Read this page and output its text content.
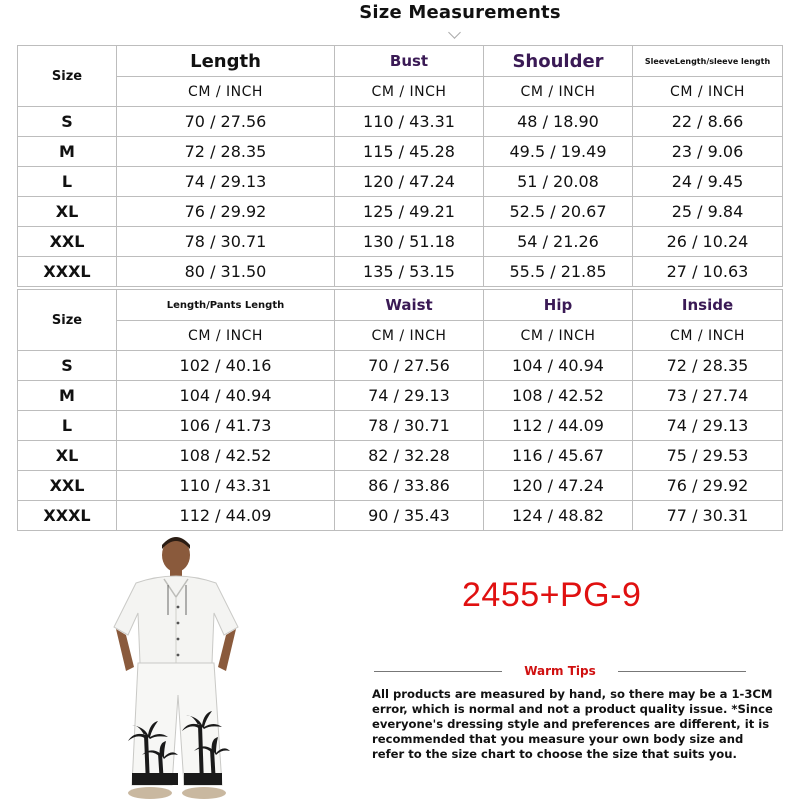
Size Measurements
Size	Length	Bust	Shoulder	SleeveLength/sleeve length
	CM / INCH	CM / INCH	CM / INCH	CM / INCH
S	70 / 27.56	110 / 43.31	48 / 18.90	22 / 8.66
M	72 / 28.35	115 / 45.28	49.5 / 19.49	23 / 9.06
L	74 / 29.13	120 / 47.24	51 / 20.08	24 / 9.45
XL	76 / 29.92	125 / 49.21	52.5 / 20.67	25 / 9.84
XXL	78 / 30.71	130 / 51.18	54 / 21.26	26 / 10.24
XXXL	80 / 31.50	135 / 53.15	55.5 / 21.85	27 / 10.63
Size	Length/Pants Length	Waist	Hip	Inside
	CM / INCH	CM / INCH	CM / INCH	CM / INCH
S	102 / 40.16	70 / 27.56	104 / 40.94	72 / 28.35
M	104 / 40.94	74 / 29.13	108 / 42.52	73 / 27.74
L	106 / 41.73	78 / 30.71	112 / 44.09	74 / 29.13
XL	108 / 42.52	82 / 32.28	116 / 45.67	75 / 29.53
XXL	110 / 43.31	86 / 33.86	120 / 47.24	76 / 29.92
XXXL	112 / 44.09	90 / 35.43	124 / 48.82	77 / 30.31
2455+PG-9
Warm Tips
All products are measured by hand, so there may be a 1-3CM error, which is normal and not a product quality issue. *Since everyone's dressing style and preferences are different, it is recommended that you measure your own body size and refer to the size chart to choose the size that suits you.
